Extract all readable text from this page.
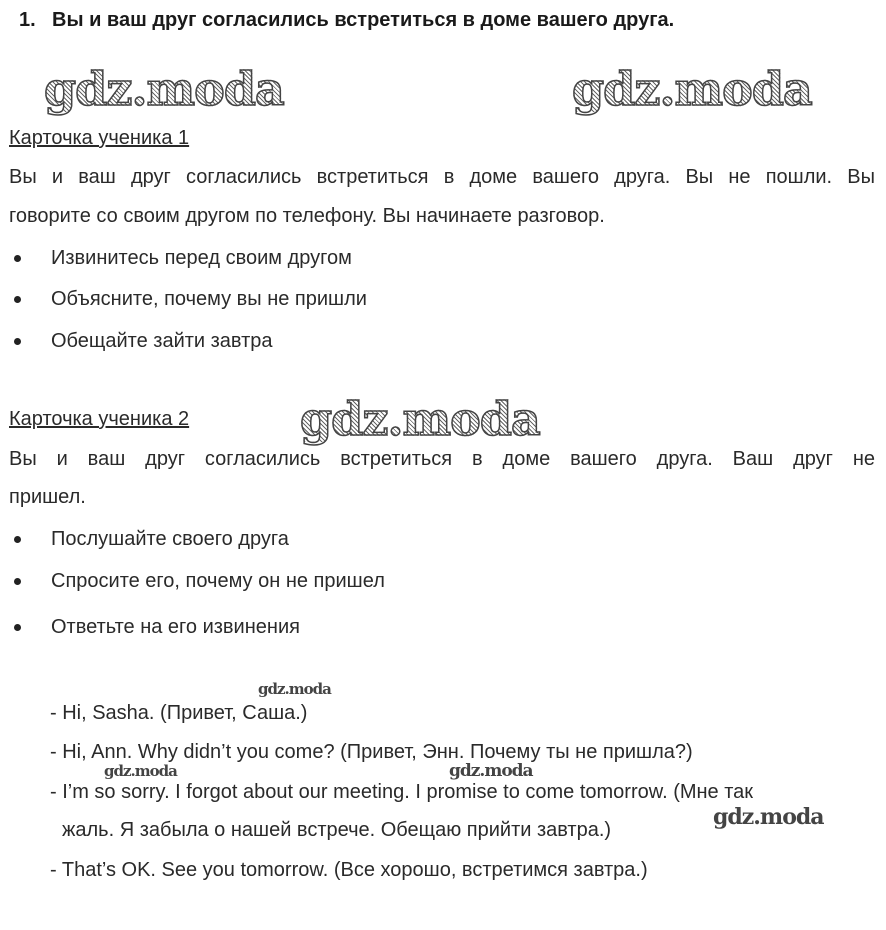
1. Вы и ваш друг согласились встретиться в доме вашего друга.
gdz.moda	gdz.moda
Карточка ученика 1
Вы и ваш друг согласились встретиться в доме вашего друга. Вы не пошли. Вы
говорите со своим другом по телефону. Вы начинаете разговор.
Извинитесь перед своим другом
Объясните, почему вы не пришли
Обещайте зайти завтра
Карточка ученика 2 gdz.moda
Вы и ваш друг согласились встретиться в доме вашего друга. Ваш друг не
пришел.
Послушайте своего друга
Спросите его, почему он не пришел
Ответьте на его извинения
gdz.moda
- Hi, Sasha. (Привет, Саша.)
- Hi, Ann. Why didn’t you come? (Привет, Энн. Почему ты не пришла?)
gdz.moda	gdz.moda
- I’m so sorry. I forgot about our meeting. I promise to come tomorrow. (Мне так
жаль. Я забыла о нашей встрече. Обещаю прийти завтра.)	gdz.moda
- That’s OK. See you tomorrow. (Все хорошо, встретимся завтра.)
